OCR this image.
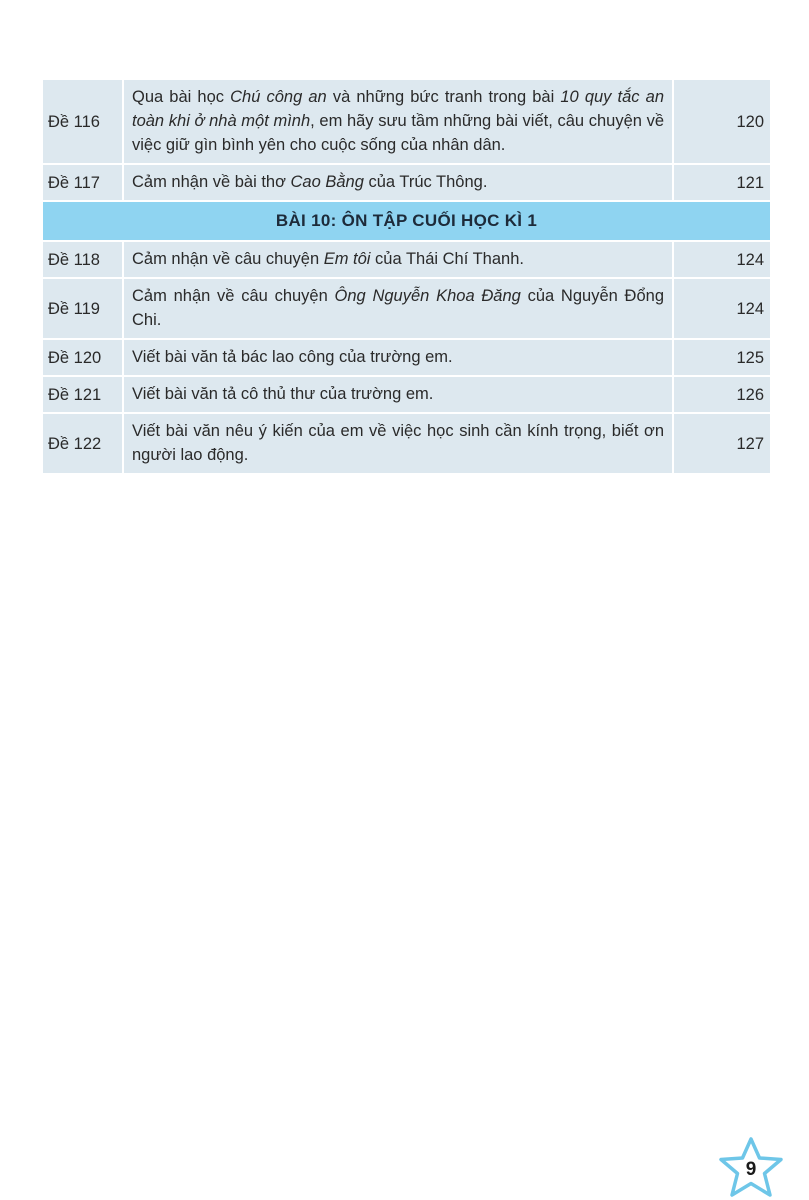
Đề 116	Qua bài học Chú công an và những bức tranh trong bài 10 quy tắc an toàn khi ở nhà một mình, em hãy sưu tầm những bài viết, câu chuyện về việc giữ gìn bình yên cho cuộc sống của nhân dân.	120
Đề 117	Cảm nhận về bài thơ Cao Bằng của Trúc Thông.	121
BÀI 10: ÔN TẬP CUỐI HỌC KÌ 1		
Đề 118	Cảm nhận về câu chuyện Em tôi của Thái Chí Thanh.	124
Đề 119	Cảm nhận về câu chuyện Ông Nguyễn Khoa Đăng của Nguyễn Đổng Chi.	124
Đề 120	Viết bài văn tả bác lao công của trường em.	125
Đề 121	Viết bài văn tả cô thủ thư của trường em.	126
Đề 122	Viết bài văn nêu ý kiến của em về việc học sinh cần kính trọng, biết ơn người lao động.	127
9
